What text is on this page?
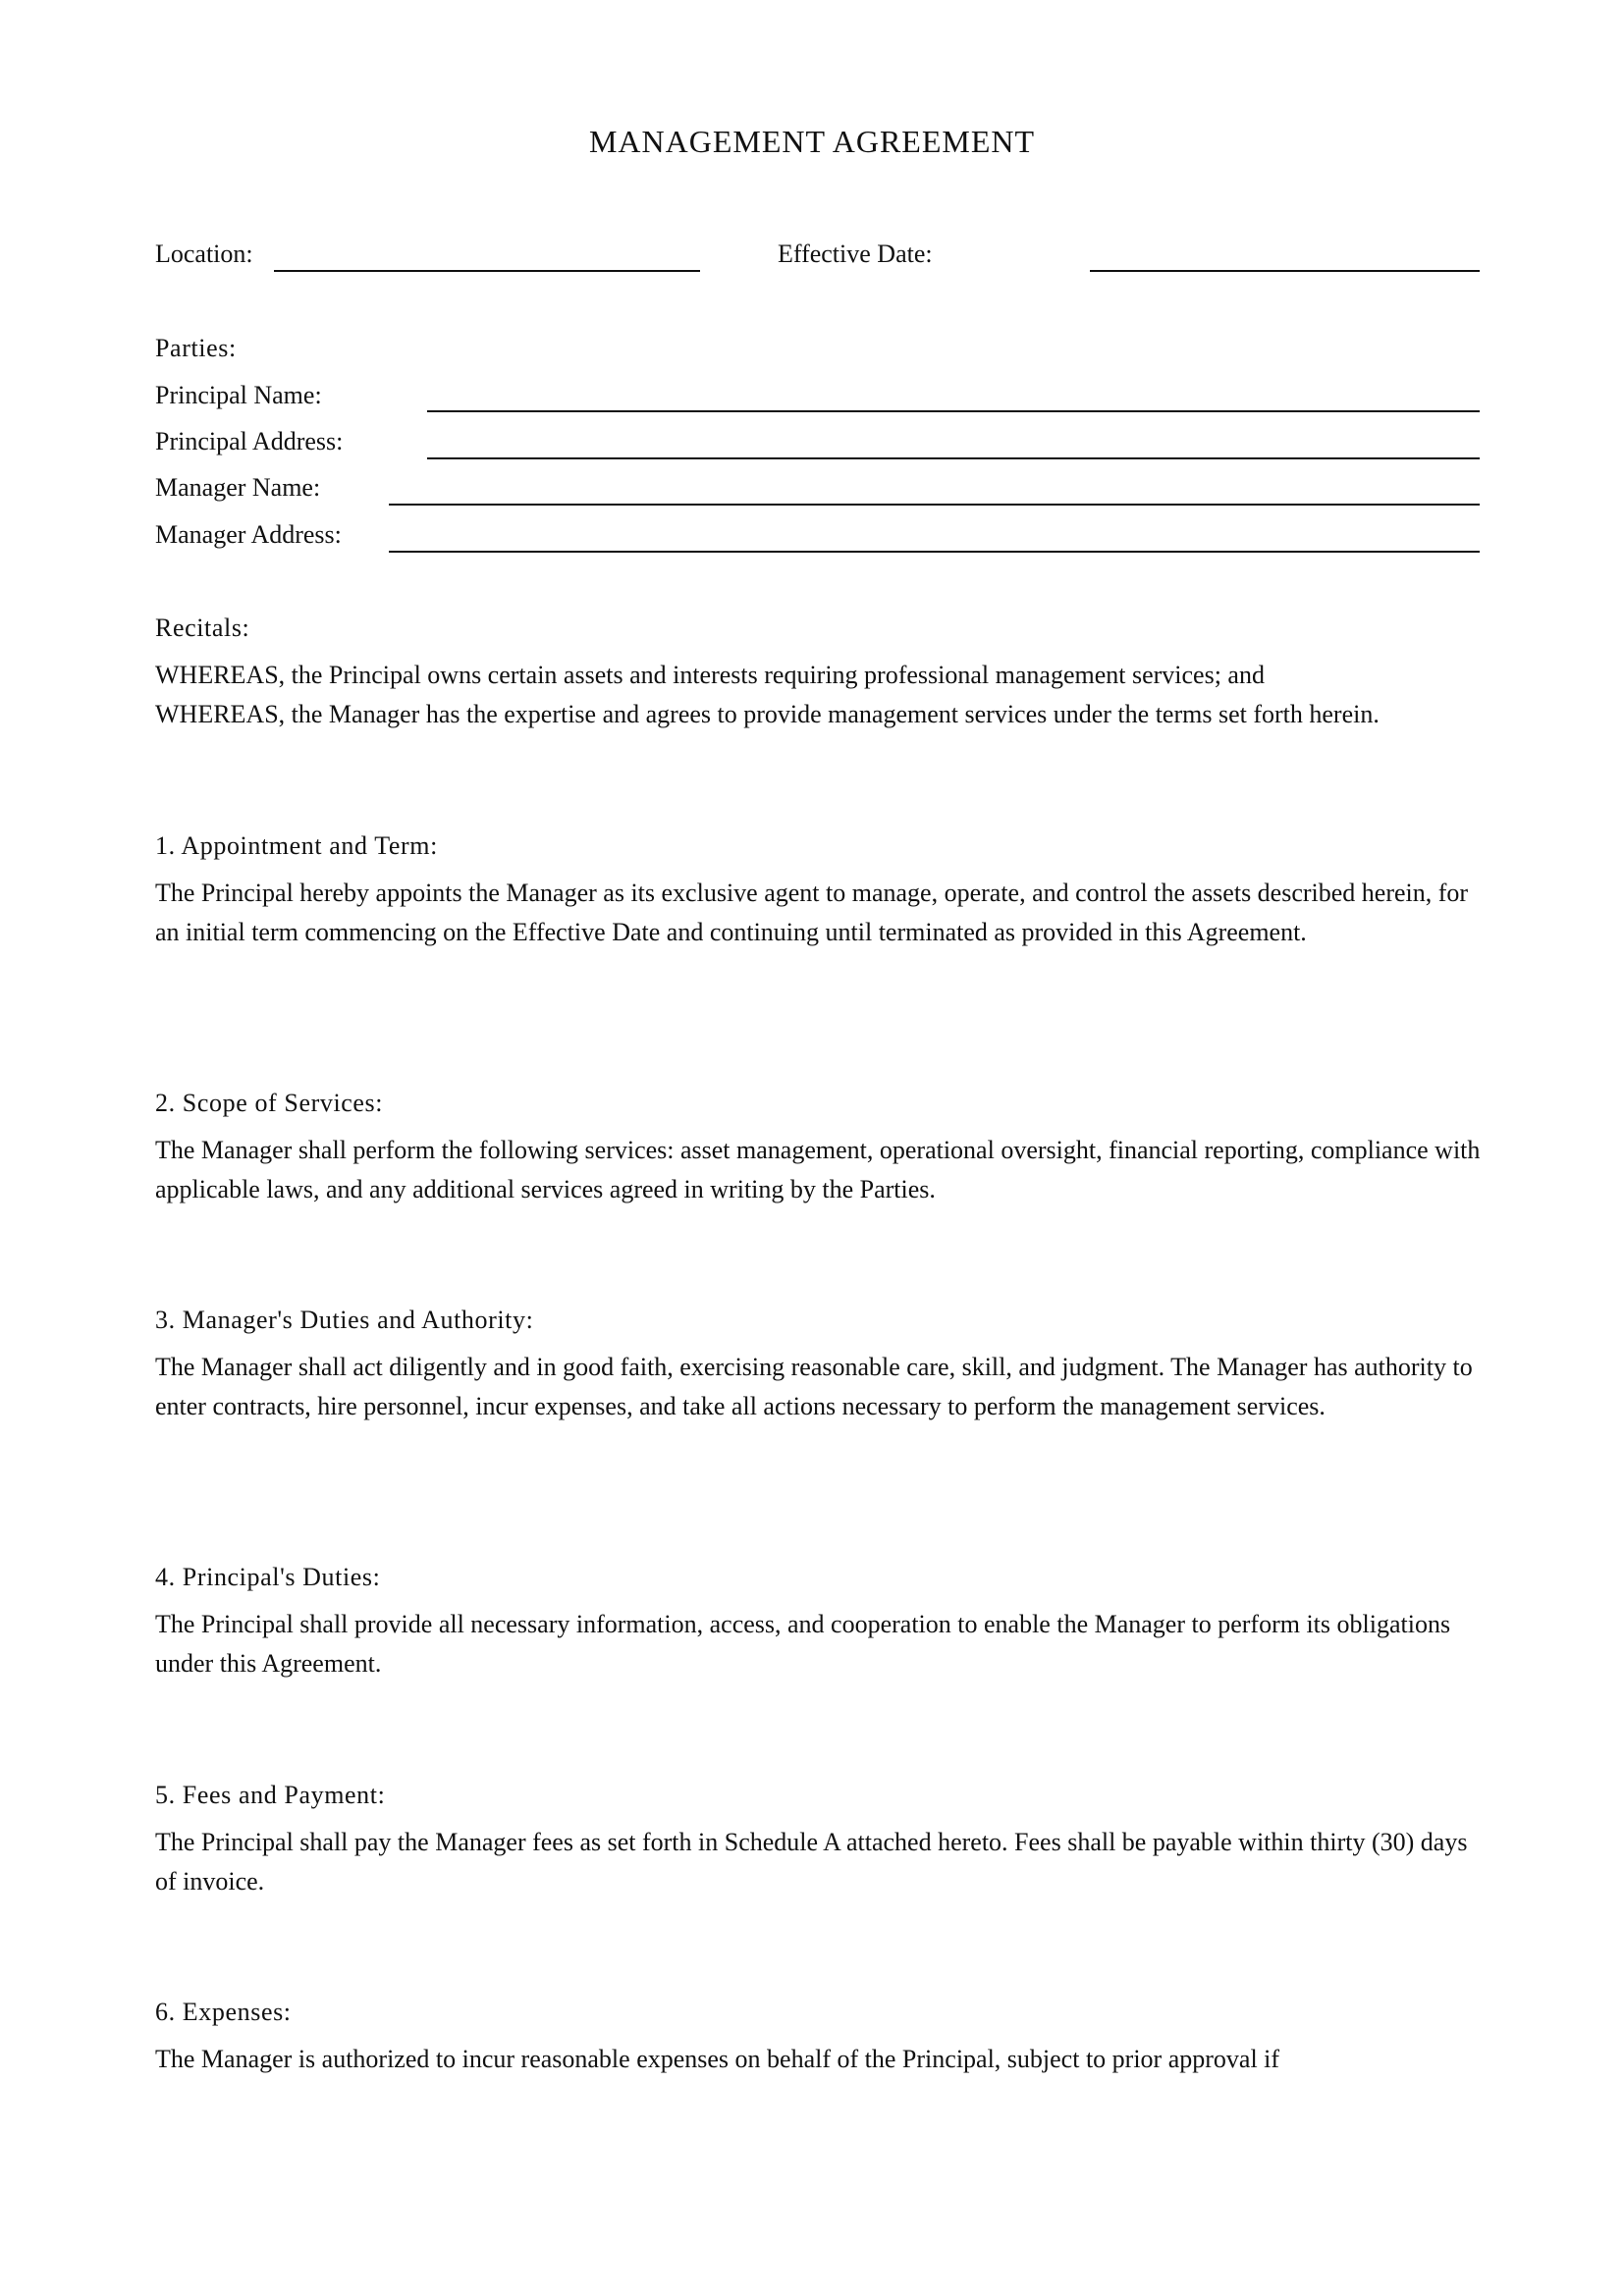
MANAGEMENT AGREEMENT
Location:	Effective Date:
Parties:
Principal Name:
Principal Address:
Manager Name:
Manager Address:
Recitals:

WHEREAS, the Principal owns certain assets and interests requiring professional management services; and

WHEREAS, the Manager has the expertise and agrees to provide management services under the terms set forth herein.

1. Appointment and Term:
The Principal hereby appoints the Manager as its exclusive agent to manage, operate, and control the assets described herein, for an initial term commencing on the Effective Date and continuing until terminated as provided in this Agreement.
2. Scope of Services:
The Manager shall perform the following services: asset management, operational oversight, financial reporting, compliance with applicable laws, and any additional services agreed in writing by the Parties.
3. Manager's Duties and Authority:
The Manager shall act diligently and in good faith, exercising reasonable care, skill, and judgment. The Manager has authority to enter contracts, hire personnel, incur expenses, and take all actions necessary to perform the management services.
4. Principal's Duties:
The Principal shall provide all necessary information, access, and cooperation to enable the Manager to perform its obligations under this Agreement.
5. Fees and Payment:
The Principal shall pay the Manager fees as set forth in Schedule A attached hereto. Fees shall be payable within thirty (30) days of invoice.
6. Expenses:
The Manager is authorized to incur reasonable expenses on behalf of the Principal, subject to prior approval if
